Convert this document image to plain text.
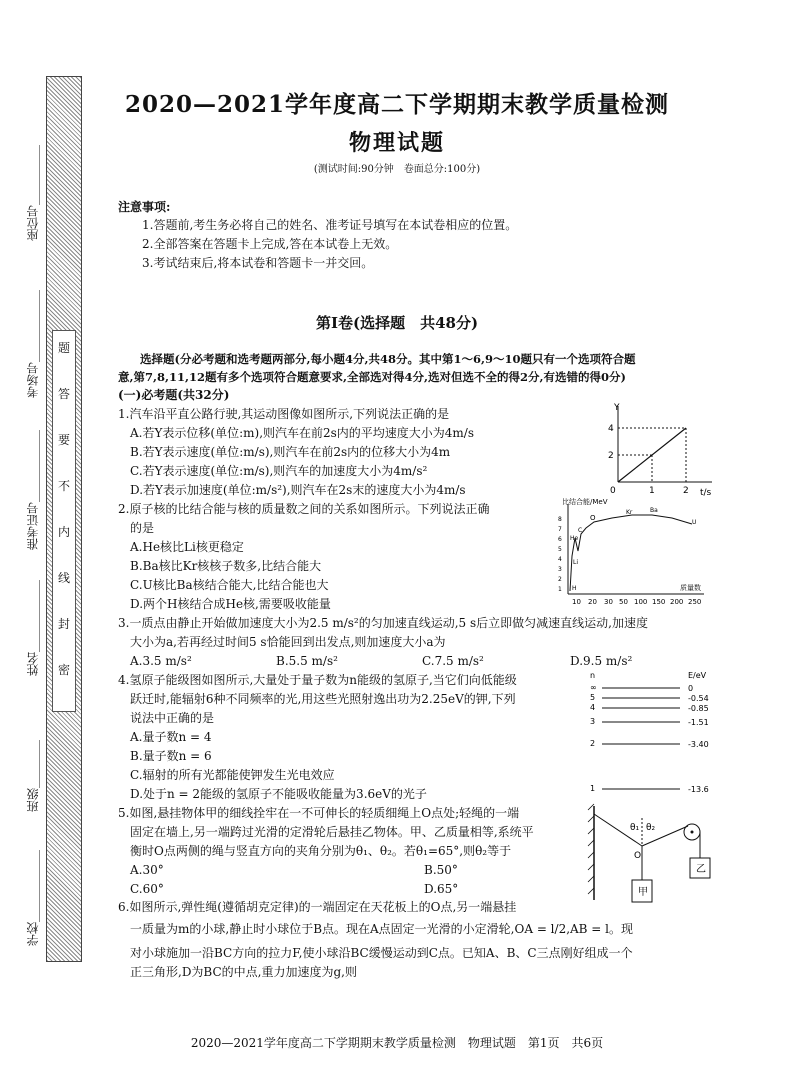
题
答
要
不
内
线
封
密
学校____________
班级________
姓名____________
准考证号____________
考场号____________
座位号__________
2020—2021学年度高二下学期期末教学质量检测
物理试题
(测试时间:90分钟　卷面总分:100分)
注意事项:
1.答题前,考生务必将自己的姓名、准考证号填写在本试卷相应的位置。
2.全部答案在答题卡上完成,答在本试卷上无效。
3.考试结束后,将本试卷和答题卡一并交回。
第Ⅰ卷(选择题　共48分)
选择题(分必考题和选考题两部分,每小题4分,共48分。其中第1～6,9～10题只有一个选项符合题
意,第7,8,11,12题有多个选项符合题意要求,全部选对得4分,选对但选不全的得2分,有选错的得0分)
(一)必考题(共32分)
1.汽车沿平直公路行驶,其运动图像如图所示,下列说法正确的是
A.若Y表示位移(单位:m),则汽车在前2s内的平均速度大小为4m/s
B.若Y表示速度(单位:m/s),则汽车在前2s内的位移大小为4m
C.若Y表示速度(单位:m/s),则汽车的加速度大小为4m/s²
D.若Y表示加速度(单位:m/s²),则汽车在2s末的速度大小为4m/s
Y
t/s
4
2
0	1	2
2.原子核的比结合能与核的质量数之间的关系如图所示。下列说法正确
的是
A.He核比Li核更稳定
B.Ba核比Kr核核子数多,比结合能大
C.U核比Ba核结合能大,比结合能也大
D.两个H核结合成He核,需要吸收能量
比结合能/MeV
质量数
8
7
6
5
4
3
2
1
10 20 30 50 100 150 200 250
O
C
He
Kr	Ba
U
Li
H
3.一质点由静止开始做加速度大小为2.5 m/s²的匀加速直线运动,5 s后立即做匀减速直线运动,加速度
大小为a,若再经过时间5 s恰能回到出发点,则加速度大小a为
A.3.5 m/s²	B.5.5 m/s²	C.7.5 m/s²	D.9.5 m/s²
4.氢原子能级图如图所示,大量处于量子数为n能级的氢原子,当它们向低能级
跃迁时,能辐射6种不同频率的光,用这些光照射逸出功为2.25eV的钾,下列
说法中正确的是
A.量子数n = 4
B.量子数n = 6
C.辐射的所有光都能使钾发生光电效应
D.处于n = 2能级的氢原子不能吸收能量为3.6eV的光子
n	E/eV
∞	0
5	-0.54
4	-0.85
3	-1.51
2	-3.40
1	-13.6
5.如图,悬挂物体甲的细线拴牢在一不可伸长的轻质细绳上O点处;轻绳的一端
固定在墙上,另一端跨过光滑的定滑轮后悬挂乙物体。甲、乙质量相等,系统平
衡时O点两侧的绳与竖直方向的夹角分别为θ₁、θ₂。若θ₁=65°,则θ₂等于
A.30°	B.50°
C.60°	D.65°
θ₁ θ₂
O
甲
乙
6.如图所示,弹性绳(遵循胡克定律)的一端固定在天花板上的O点,另一端悬挂
一质量为m的小球,静止时小球位于B点。现在A点固定一光滑的小定滑轮,OA = l/2,AB = l。现
对小球施加一沿BC方向的拉力F,使小球沿BC缓慢运动到C点。已知A、B、C三点刚好组成一个
正三角形,D为BC的中点,重力加速度为g,则
2020—2021学年度高二下学期期末教学质量检测　物理试题　第1页　共6页
